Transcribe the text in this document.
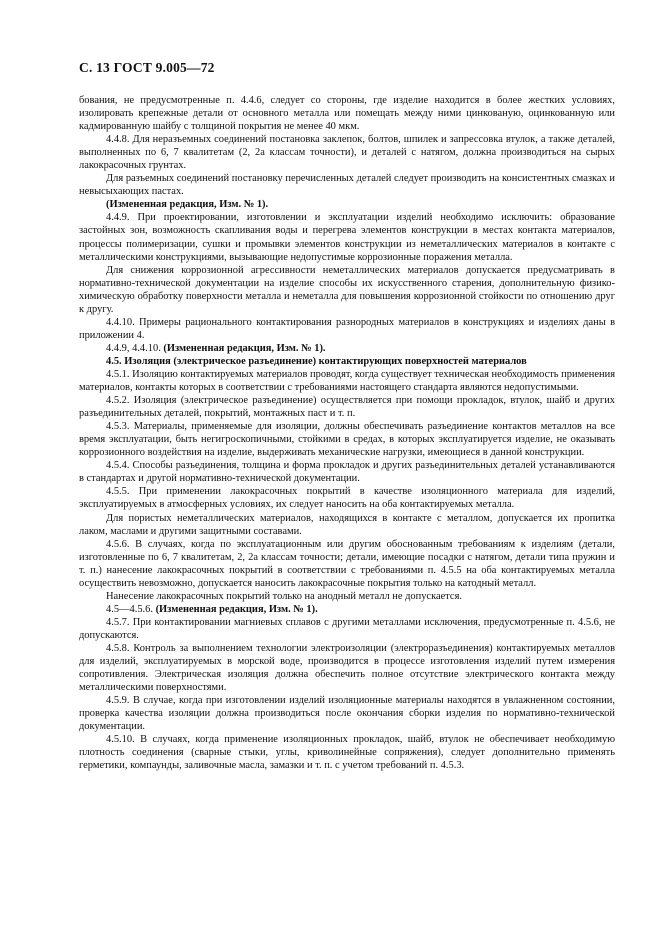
С. 13 ГОСТ 9.005—72

бования, не предусмотренные п. 4.4.6, следует со стороны, где изделие находится в более жестких условиях, изолировать крепежные детали от основного металла или помещать между ними цинкованую, оцинкованную или кадмированную шайбу с толщиной покрытия не менее 40 мкм.

4.4.8. Для неразъемных соединений постановка заклепок, болтов, шпилек и запрессовка втулок, а также деталей, выполненных по 6, 7 квалитетам (2, 2а классам точности), и деталей с натягом, должна производиться на сырых лакокрасочных грунтах.

Для разъемных соединений постановку перечисленных деталей следует производить на консистентных смазках и невысыхающих пастах.

(Измененная редакция, Изм. № 1).

4.4.9. При проектировании, изготовлении и эксплуатации изделий необходимо исключить: образование застойных зон, возможность скапливания воды и перегрева элементов конструкции в местах контакта материалов, процессы полимеризации, сушки и промывки элементов конструкции из неметаллических материалов в контакте с металлическими конструкциями, вызывающие недопустимые коррозионные поражения металла.

Для снижения коррозионной агрессивности неметаллических материалов допускается предусматривать в нормативно-технической документации на изделие способы их искусственного старения, дополнительную физико-химическую обработку поверхности металла и неметалла для повышения коррозионной стойкости по отношению друг к другу.

4.4.10. Примеры рационального контактирования разнородных материалов в конструкциях и изделиях даны в приложении 4.

4.4.9, 4.4.10. (Измененная редакция, Изм. № 1).

4.5. Изоляция (электрическое разъединение) контактирующих поверхностей материалов

4.5.1. Изоляцию контактируемых материалов проводят, когда существует техническая необходимость применения материалов, контакты которых в соответствии с требованиями настоящего стандарта являются недопустимыми.

4.5.2. Изоляция (электрическое разъединение) осуществляется при помощи прокладок, втулок, шайб и других разъединительных деталей, покрытий, монтажных паст и т. п.

4.5.3. Материалы, применяемые для изоляции, должны обеспечивать разъединение контактов металлов на все время эксплуатации, быть негигроскопичными, стойкими в средах, в которых эксплуатируется изделие, не оказывать коррозионного воздействия на изделие, выдерживать механические нагрузки, имеющиеся в данной конструкции.

4.5.4. Способы разъединения, толщина и форма прокладок и других разъединительных деталей устанавливаются в стандартах и другой нормативно-технической документации.

4.5.5. При применении лакокрасочных покрытий в качестве изоляционного материала для изделий, эксплуатируемых в атмосферных условиях, их следует наносить на оба контактируемых металла.

Для пористых неметаллических материалов, находящихся в контакте с металлом, допускается их пропитка лаком, маслами и другими защитными составами.

4.5.6. В случаях, когда по эксплуатационным или другим обоснованным требованиям к изделиям (детали, изготовленные по 6, 7 квалитетам, 2, 2а классам точности; детали, имеющие посадки с натягом, детали типа пружин и т. п.) нанесение лакокрасочных покрытий в соответствии с требованиями п. 4.5.5 на оба контактируемых металла осуществить невозможно, допускается наносить лакокрасочные покрытия только на катодный металл.

Нанесение лакокрасочных покрытий только на анодный металл не допускается.

4.5—4.5.6. (Измененная редакция, Изм. № 1).

4.5.7. При контактировании магниевых сплавов с другими металлами исключения, предусмотренные п. 4.5.6, не допускаются.

4.5.8. Контроль за выполнением технологии электроизоляции (электроразъединения) контактируемых металлов для изделий, эксплуатируемых в морской воде, производится в процессе изготовления изделий путем измерения сопротивления. Электрическая изоляция должна обеспечить полное отсутствие электрического контакта между металлическими поверхностями.

4.5.9. В случае, когда при изготовлении изделий изоляционные материалы находятся в увлажненном состоянии, проверка качества изоляции должна производиться после окончания сборки изделия по нормативно-технической документации.

4.5.10. В случаях, когда применение изоляционных прокладок, шайб, втулок не обеспечивает необходимую плотность соединения (сварные стыки, углы, криволинейные сопряжения), следует дополнительно применять герметики, компаунды, заливочные масла, замазки и т. п. с учетом требований п. 4.5.3.
